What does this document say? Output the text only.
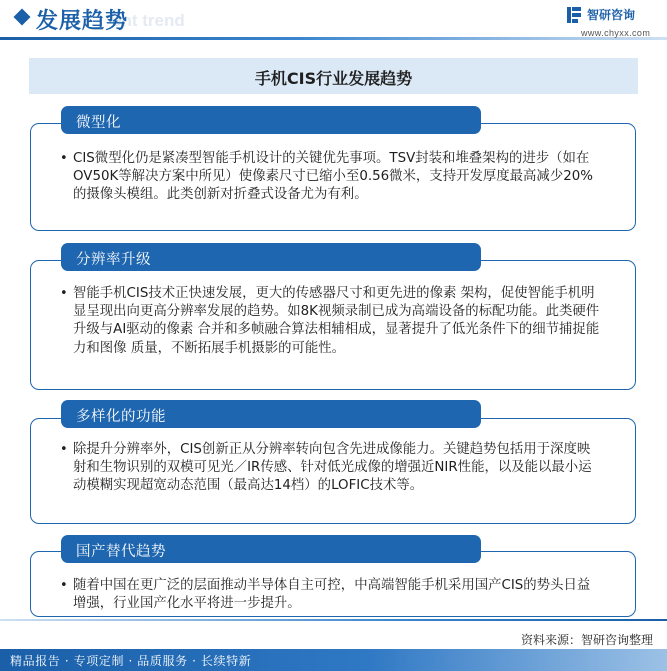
ent trend
发展趋势	智研咨询
www.chyxx.com
手机CIS行业发展趋势
微型化
• CIS微型化仍是紧凑型智能手机设计的关键优先事项。TSV封装和堆叠架构的进步（如在OV50K等解决方案中所见）使像素尺寸已缩小至0.56微米，支持开发厚度最高减少20%的摄像头模组。此类创新对折叠式设备尤为有利。
分辨率升级
• 智能手机CIS技术正快速发展，更大的传感器尺寸和更先进的像素 架构，促使智能手机明显呈现出向更高分辨率发展的趋势。如8K视频录制已成为高端设备的标配功能。此类硬件升级与AI驱动的像素 合并和多帧融合算法相辅相成，显著提升了低光条件下的细节捕捉能力和图像 质量，不断拓展手机摄影的可能性。
多样化的功能
• 除提升分辨率外，CIS创新正从分辨率转向包含先进成像能力。关键趋势包括用于深度映射和生物识别的双模可见光／IR传感、针对低光成像的增强近NIR性能，以及能以最小运动模糊实现超宽动态范围（最高达14档）的LOFIC技术等。
国产替代趋势
• 随着中国在更广泛的层面推动半导体自主可控，中高端智能手机采用国产CIS的势头日益增强，行业国产化水平将进一步提升。
资料来源：智研咨询整理
精品报告 · 专项定制 · 品质服务 · 长续特新
